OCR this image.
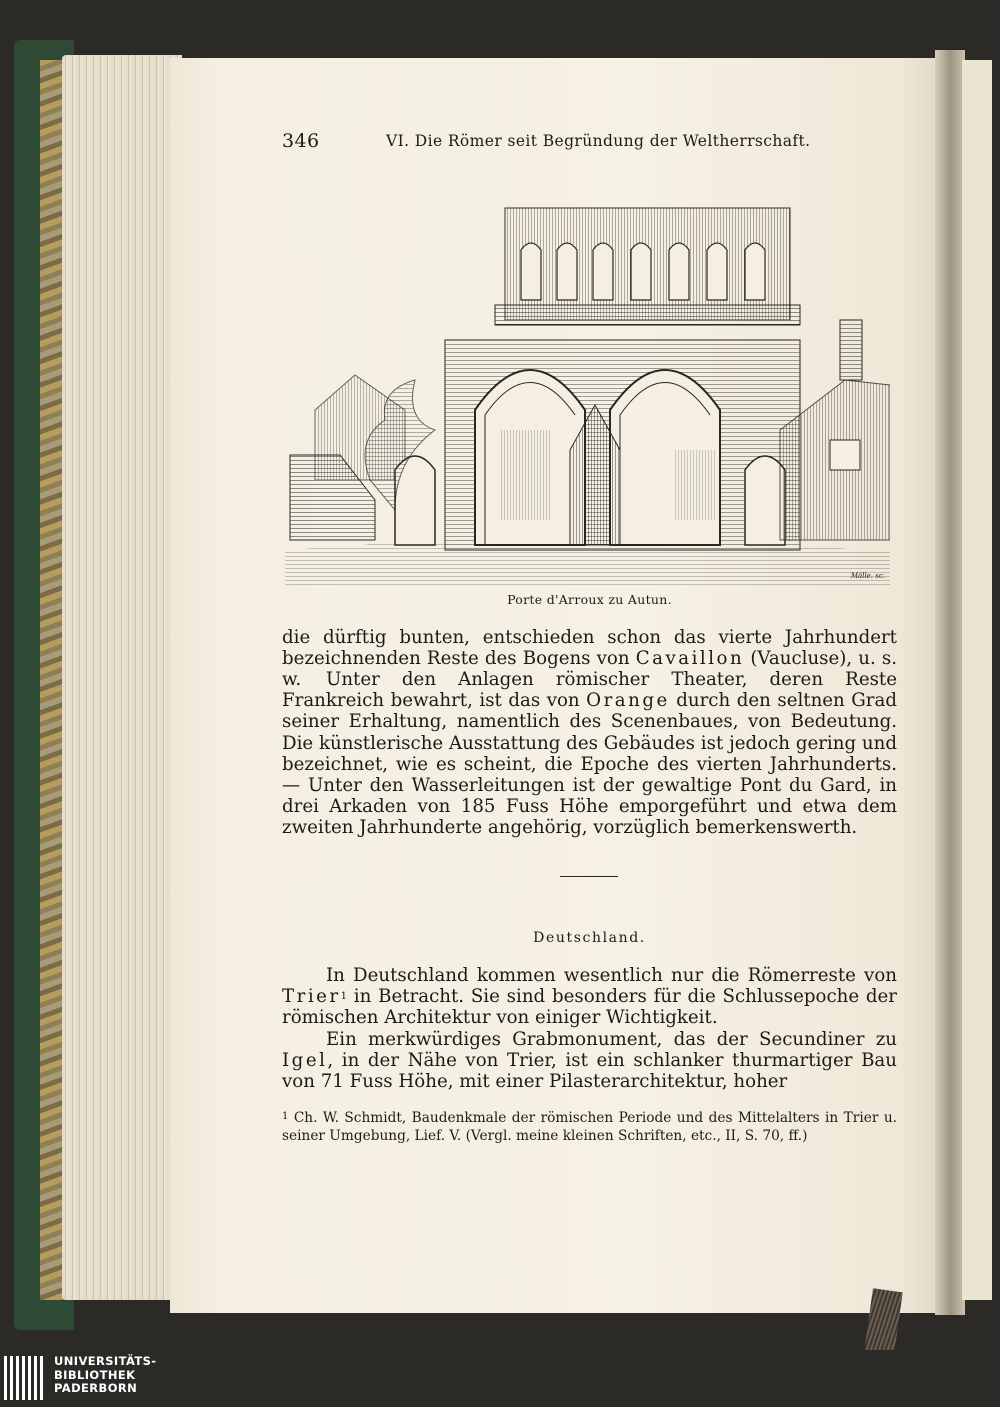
346	VI. Die Römer seit Begründung der Weltherrschaft.
Mälle. sc.
Porte d'Arroux zu Autun.

die dürftig bunten, entschieden schon das vierte Jahrhundert bezeichnenden Reste des Bogens von Cavaillon (Vaucluse), u. s. w.	Unter den Anlagen römischer Theater, deren Reste Frankreich bewahrt, ist das von Orange durch den seltnen Grad seiner Erhaltung, namentlich des Scenenbaues, von Bedeutung. Die künstlerische Ausstattung des Gebäudes ist jedoch gering und bezeichnet, wie es scheint, die Epoche des vierten Jahrhunderts. — Unter den Wasserleitungen ist der gewaltige Pont du Gard, in drei Arkaden von 185 Fuss Höhe emporgeführt und etwa dem zweiten Jahrhunderte angehörig, vorzüglich bemerkenswerth.

Deutschland.

In Deutschland kommen wesentlich nur die Römerreste von Trier1 in Betracht. Sie sind besonders für die Schlussepoche der römischen Architektur von einiger Wichtigkeit.

Ein merkwürdiges Grabmonument, das der Secundiner zu Igel, in der Nähe von Trier, ist ein schlanker thurmartiger Bau von 71 Fuss Höhe, mit einer Pilasterarchitektur, hoher

$^1$ Ch. W. Schmidt, Baudenkmale der römischen Periode und des Mittelalters in Trier u. seiner Umgebung, Lief. V. (Vergl. meine kleinen Schriften, etc., II, S. 70, ff.)

UNIVERSITÄTS-
BIBLIOTHEK
PADERBORN
